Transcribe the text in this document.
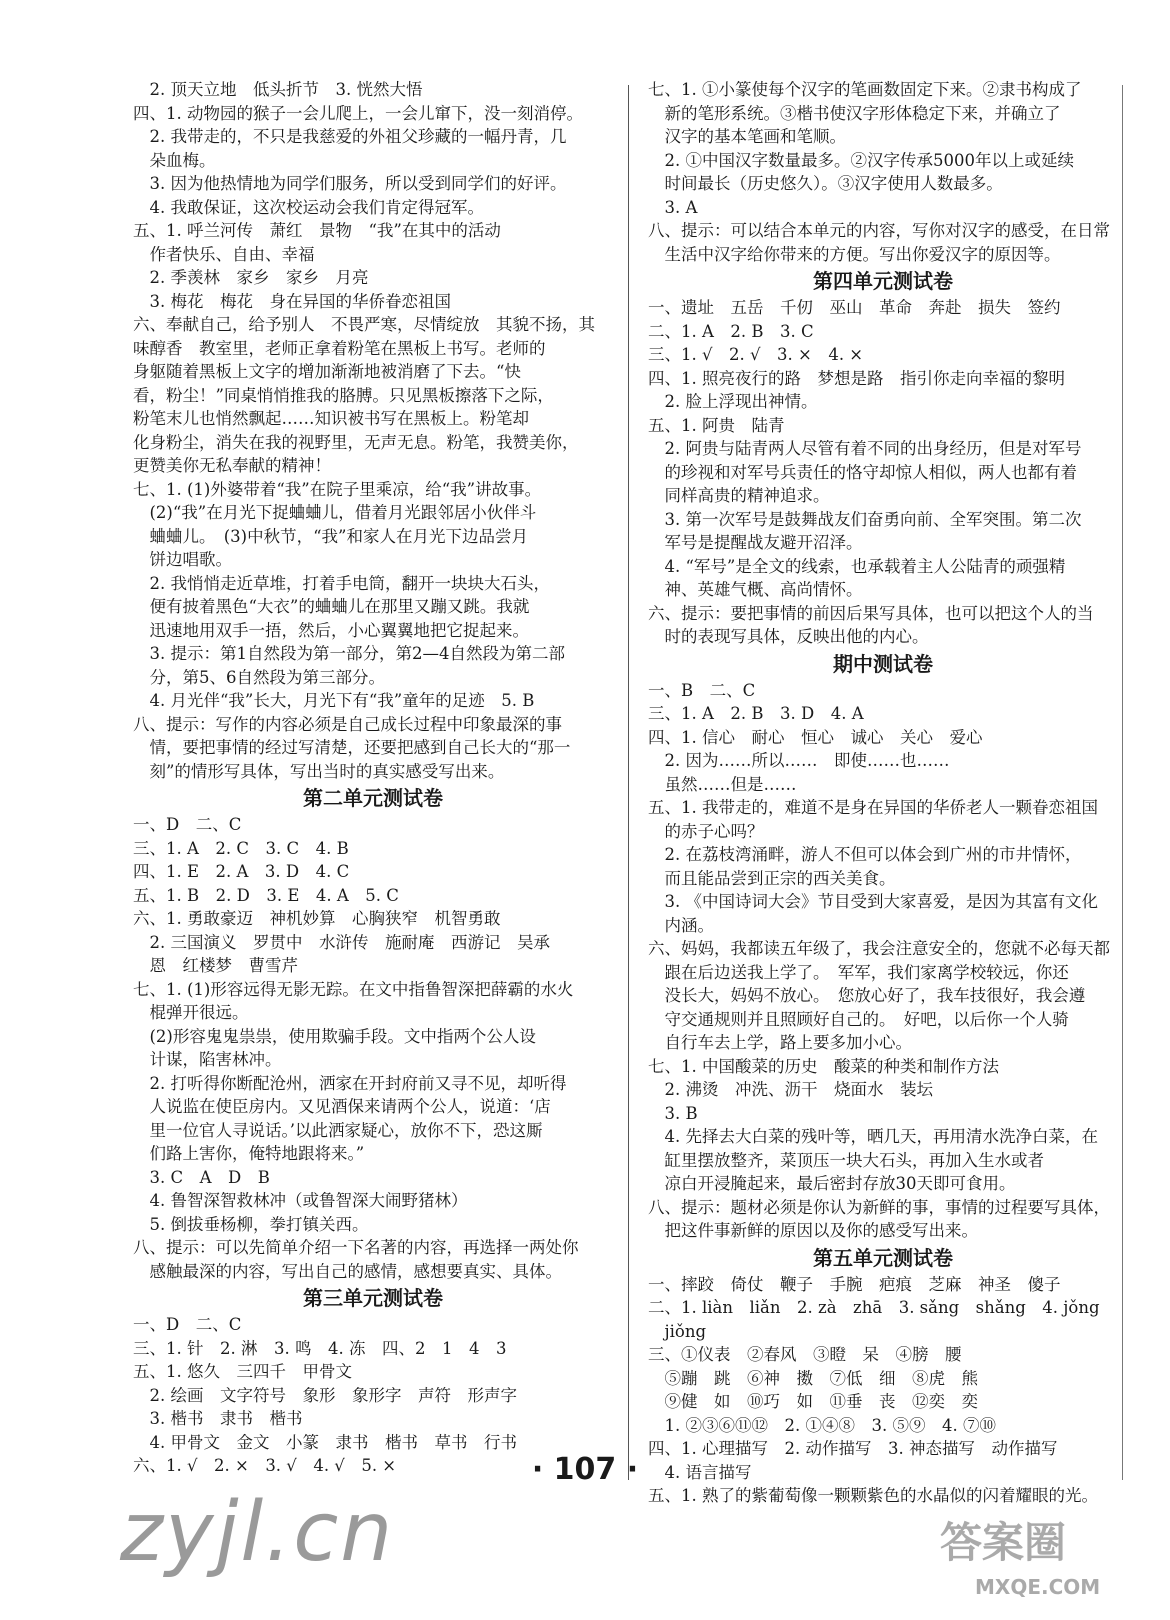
　2. 顶天立地　低头折节　3. 恍然大悟
四、1. 动物园的猴子一会儿爬上，一会儿窜下，没一刻消停。
　2. 我带走的，不只是我慈爱的外祖父珍藏的一幅丹青，几
　朵血梅。
　3. 因为他热情地为同学们服务，所以受到同学们的好评。
　4. 我敢保证，这次校运动会我们肯定得冠军。
五、1. 呼兰河传　萧红　景物　“我”在其中的活动
　作者快乐、自由、幸福
　2. 季羡林　家乡　家乡　月亮
　3. 梅花　梅花　身在异国的华侨眷恋祖国
六、奉献自己，给予别人　不畏严寒，尽情绽放　其貌不扬，其
味醇香　教室里，老师正拿着粉笔在黑板上书写。老师的
身躯随着黑板上文字的增加渐渐地被消磨了下去。“快
看，粉尘！”同桌悄悄推我的胳膊。只见黑板擦落下之际，
粉笔末儿也悄然飘起……知识被书写在黑板上。粉笔却
化身粉尘，消失在我的视野里，无声无息。粉笔，我赞美你，
更赞美你无私奉献的精神！
七、1. (1)外婆带着“我”在院子里乘凉，给“我”讲故事。
　(2)“我”在月光下捉蛐蛐儿，借着月光跟邻居小伙伴斗
　蛐蛐儿。　(3)中秋节，“我”和家人在月光下边品尝月
　饼边唱歌。
　2. 我悄悄走近草堆，打着手电筒，翻开一块块大石头，
　便有披着黑色“大衣”的蛐蛐儿在那里又蹦又跳。我就
　迅速地用双手一捂，然后，小心翼翼地把它捉起来。
　3. 提示：第1自然段为第一部分，第2—4自然段为第二部
　分，第5、6自然段为第三部分。
　4. 月光伴“我”长大，月光下有“我”童年的足迹　5. B
八、提示：写作的内容必须是自己成长过程中印象最深的事
　情，要把事情的经过写清楚，还要把感到自己长大的“那一
　刻”的情形写具体，写出当时的真实感受写出来。
第二单元测试卷
一、D　二、C
三、1. A　2. C　3. C　4. B
四、1. E　2. A　3. D　4. C
五、1. B　2. D　3. E　4. A　5. C
六、1. 勇敢豪迈　神机妙算　心胸狭窄　机智勇敢
　2. 三国演义　罗贯中　水浒传　施耐庵　西游记　吴承
　恩　红楼梦　曹雪芹
七、1. (1)形容远得无影无踪。在文中指鲁智深把薛霸的水火
　棍弹开很远。
　(2)形容鬼鬼祟祟，使用欺骗手段。文中指两个公人设
　计谋，陷害林冲。
　2. 打听得你断配沧州，洒家在开封府前又寻不见，却听得
　人说监在使臣房内。又见酒保来请两个公人，说道：‘店
　里一位官人寻说话。’以此洒家疑心，放你不下，恐这厮
　们路上害你，俺特地跟将来。”
　3. C　A　D　B
　4. 鲁智深智救林冲（或鲁智深大闹野猪林）
　5. 倒拔垂杨柳，拳打镇关西。
八、提示：可以先简单介绍一下名著的内容，再选择一两处你
　感触最深的内容，写出自己的感情，感想要真实、具体。
第三单元测试卷
一、D　二、C
三、1. 针　2. 淋　3. 鸣　4. 冻　四、2　1　4　3
五、1. 悠久　三四千　甲骨文
　2. 绘画　文字符号　象形　象形字　声符　形声字
　3. 楷书　隶书　楷书
　4. 甲骨文　金文　小篆　隶书　楷书　草书　行书
六、1. √　2. ×　3. √　4. √　5. ×
七、1. ①小篆使每个汉字的笔画数固定下来。②隶书构成了
　新的笔形系统。③楷书使汉字形体稳定下来，并确立了
　汉字的基本笔画和笔顺。
　2. ①中国汉字数量最多。②汉字传承5000年以上或延续
　时间最长（历史悠久）。③汉字使用人数最多。
　3. A
八、提示：可以结合本单元的内容，写你对汉字的感受，在日常
　生活中汉字给你带来的方便。写出你爱汉字的原因等。
第四单元测试卷
一、遗址　五岳　千仞　巫山　革命　奔赴　损失　签约
二、1. A　2. B　3. C
三、1. √　2. √　3. ×　4. ×
四、1. 照亮夜行的路　梦想是路　指引你走向幸福的黎明
　2. 脸上浮现出神情。
五、1. 阿贵　陆青
　2. 阿贵与陆青两人尽管有着不同的出身经历，但是对军号
　的珍视和对军号兵责任的恪守却惊人相似，两人也都有着
　同样高贵的精神追求。
　3. 第一次军号是鼓舞战友们奋勇向前、全军突围。第二次
　军号是提醒战友避开沼泽。
　4. “军号”是全文的线索，也承载着主人公陆青的顽强精
　神、英雄气概、高尚情怀。
六、提示：要把事情的前因后果写具体，也可以把这个人的当
　时的表现写具体，反映出他的内心。
期中测试卷
一、B　二、C
三、1. A　2. B　3. D　4. A
四、1. 信心　耐心　恒心　诚心　关心　爱心
　2. 因为……所以……　即使……也……
　虽然……但是……
五、1. 我带走的，难道不是身在异国的华侨老人一颗眷恋祖国
　的赤子心吗？
　2. 在荔枝湾涌畔，游人不但可以体会到广州的市井情怀，
　而且能品尝到正宗的西关美食。
　3. 《中国诗词大会》节目受到大家喜爱，是因为其富有文化
　内涵。
六、妈妈，我都读五年级了，我会注意安全的，您就不必每天都
　跟在后边送我上学了。　军军，我们家离学校较远，你还
　没长大，妈妈不放心。　您放心好了，我车技很好，我会遵
　守交通规则并且照顾好自己的。　好吧，以后你一个人骑
　自行车去上学，路上要多加小心。
七、1. 中国酸菜的历史　酸菜的种类和制作方法
　2. 沸烫　冲洗、沥干　烧面水　装坛
　3. B
　4. 先择去大白菜的残叶等，晒几天，再用清水洗净白菜，在
　缸里摆放整齐，菜顶压一块大石头，再加入生水或者
　凉白开浸腌起来，最后密封存放30天即可食用。
八、提示：题材必须是你认为新鲜的事，事情的过程要写具体，
　把这件事新鲜的原因以及你的感受写出来。
第五单元测试卷
一、摔跤　倚仗　鞭子　手腕　疤痕　芝麻　神圣　傻子
二、1. liàn　liǎn　2. zà　zhā　3. sǎng　shǎng　4. jǒng
　jiǒng
三、①仪表　②春风　③瞪　呆　④膀　腰
　⑤蹦　跳　⑥神　擞　⑦低　细　⑧虎　熊
　⑨健　如　⑩巧　如　⑪垂　丧　⑫奕　奕
　1. ②③⑥⑪⑫　2. ①④⑧　3. ⑤⑨　4. ⑦⑩
四、1. 心理描写　2. 动作描写　3. 神态描写　动作描写
　4. 语言描写
五、1. 熟了的紫葡萄像一颗颗紫色的水晶似的闪着耀眼的光。
· 107 ·
zyjl.cn	答案圈
MXQE.COM
